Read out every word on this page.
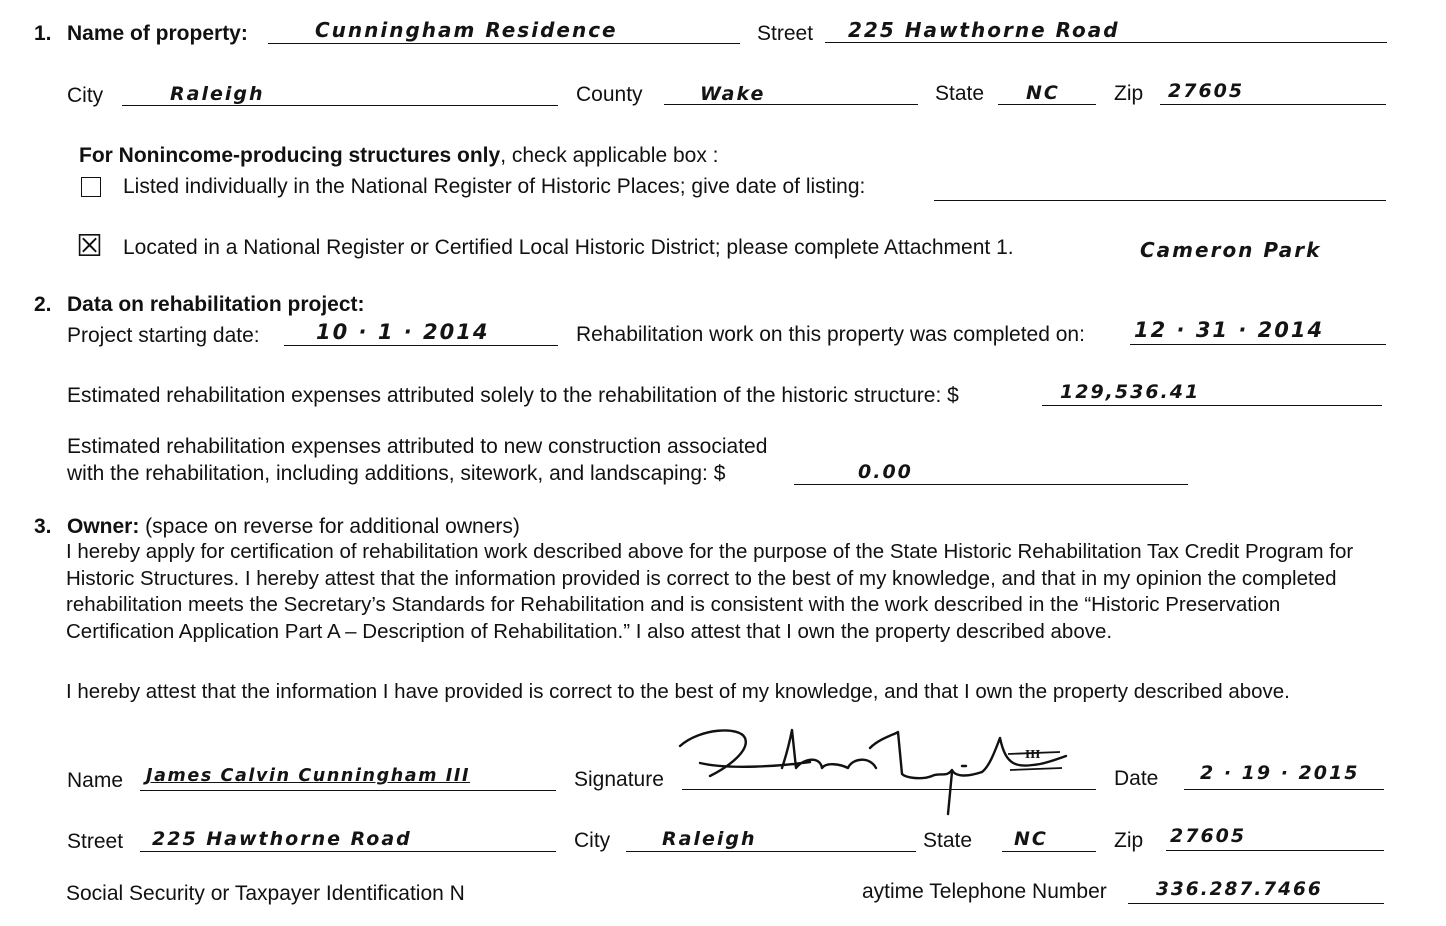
1. Name of property:	Cunningham Residence	Street 225 Hawthorne Road
City	Raleigh	County	Wake	State NC	Zip 27605
For Nonincome-producing structures only, check applicable box :
Listed individually in the National Register of Historic Places; give date of listing:
☒ Located in a National Register or Certified Local Historic District; please complete Attachment 1.	Cameron Park
2. Data on rehabilitation project:
Project starting date:	10 · 1 · 2014	Rehabilitation work on this property was completed on: 12 · 31 · 2014
Estimated rehabilitation expenses attributed solely to the rehabilitation of the historic structure: $	129,536.41
Estimated rehabilitation expenses attributed to new construction associated
with the rehabilitation, including additions, sitework, and landscaping: $	0.00
3. Owner: (space on reverse for additional owners)
I hereby apply for certification of rehabilitation work described above for the purpose of the State Historic Rehabilitation Tax Credit Program for Historic Structures. I hereby attest that the information provided is correct to the best of my knowledge, and that in my opinion the completed rehabilitation meets the Secretary’s Standards for Rehabilitation and is consistent with the work described in the “Historic Preservation Certification Application Part A – Description of Rehabilitation.” I also attest that I own the property described above.
I hereby attest that the information I have provided is correct to the best of my knowledge, and that I own the property described above.
Name James Calvin Cunningham III	Signature
III
Date 2 · 19 · 2015
Street 225 Hawthorne Road	City	Raleigh	State NC	Zip 27605
Social Security or Taxpayer Identification N	aytime Telephone Number	336.287.7466
